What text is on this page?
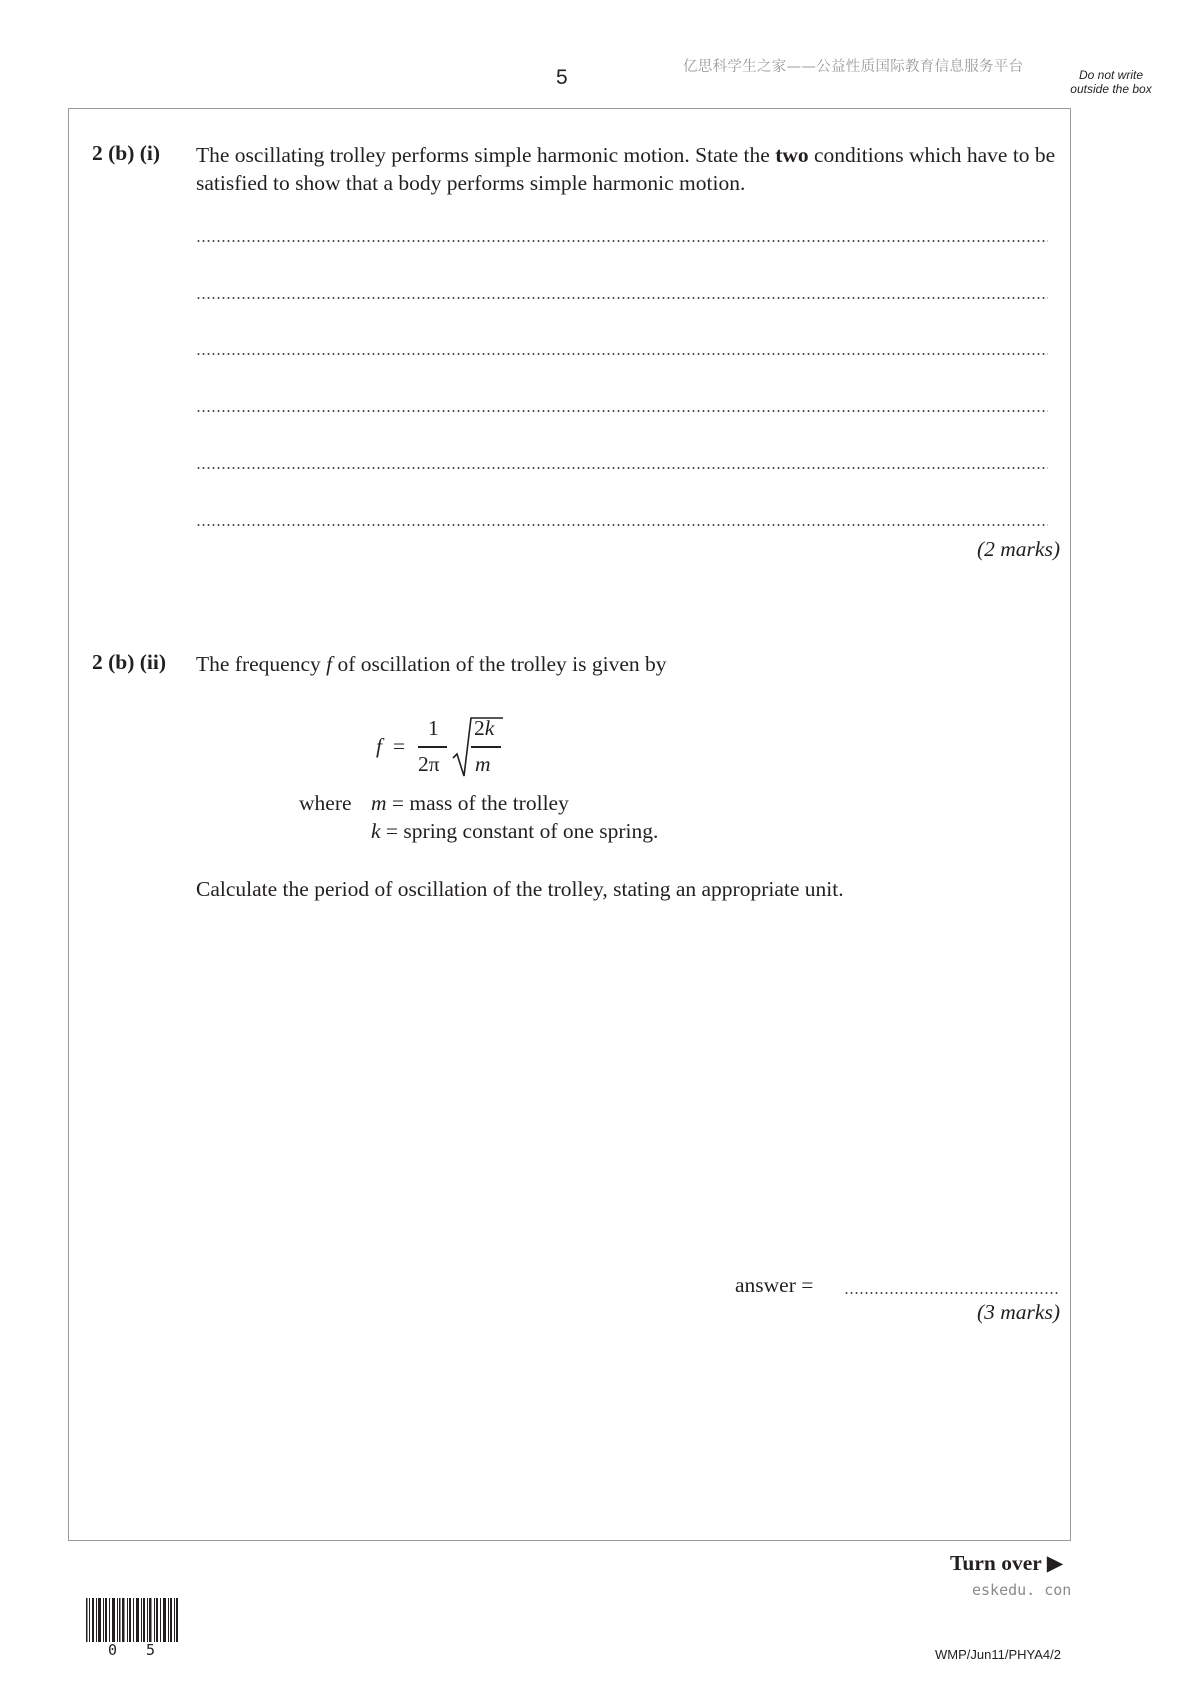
5	亿思科学生之家——公益性质国际教育信息服务平台	Do not write outside the box
2 (b) (i) The oscillating trolley performs simple harmonic motion. State the two conditions which have to be satisfied to show that a body performs simple harmonic motion.
(2 marks)
2 (b) (ii) The frequency f of oscillation of the trolley is given by
f =
1
2π
2k
m
where m = mass of the trolley
k = spring constant of one spring.
Calculate the period of oscillation of the trolley, stating an appropriate unit.
answer =
(3 marks)
Turn over ▶
eskedu. con
0 5	WMP/Jun11/PHYA4/2
